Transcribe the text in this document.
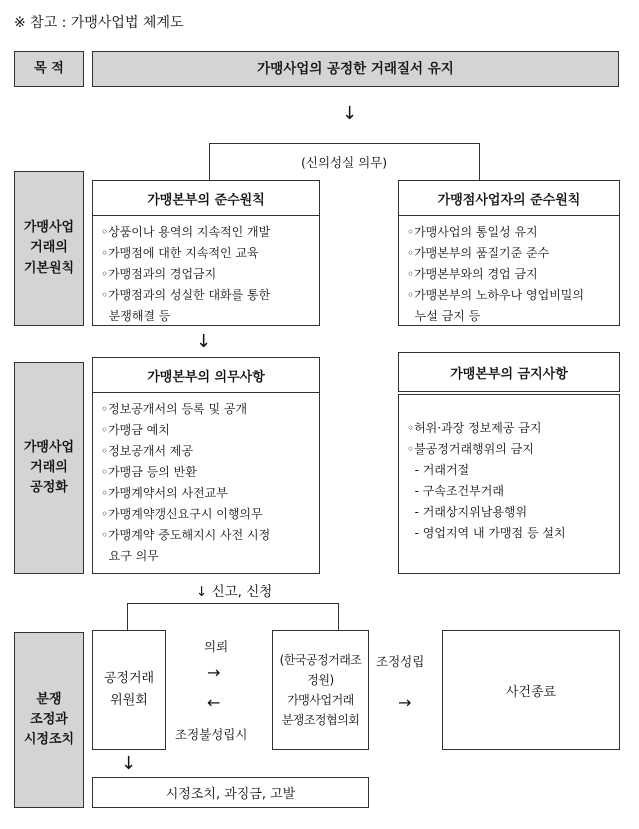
※ 참고 : 가맹사업법 체계도
목 적	가맹사업의 공정한 거래질서 유지
↓
(신의성실 의무)
가맹사업
거래의
기본원칙
가맹본부의 준수원칙
◦상품이나 용역의 지속적인 개발
◦가맹점에 대한 지속적인 교육
◦가맹점과의 경업금지
◦가맹점과의 성실한 대화를 통한
분쟁해결 등
가맹점사업자의 준수원칙
◦가맹사업의 통일성 유지
◦가맹본부의 품질기준 준수
◦가맹본부와의 경업 금지
◦가맹본부의 노하우나 영업비밀의
누설 금지 등
↓
가맹사업
거래의
공정화
가맹본부의 의무사항
◦정보공개서의 등록 및 공개
◦가맹금 예치
◦정보공개서 제공
◦가맹금 등의 반환
◦가맹계약서의 사전교부
◦가맹계약갱신요구시 이행의무
◦가맹계약 중도해지시 사전 시정
요구 의무
가맹본부의 금지사항
◦허위·과장 정보제공 금지
◦불공정거래행위의 금지
- 거래거절
- 구속조건부거래
- 거래상지위남용행위
- 영업지역 내 가맹점 등 설치
↓ 신고, 신청
분쟁
조정과
시정조치
공정거래
위원회
의뢰
→
←
조정불성립시
(한국공정거래조
정원)
가맹사업거래
분쟁조정협의회
조정성립
→
사건종료
↓
시정조치, 과징금, 고발
